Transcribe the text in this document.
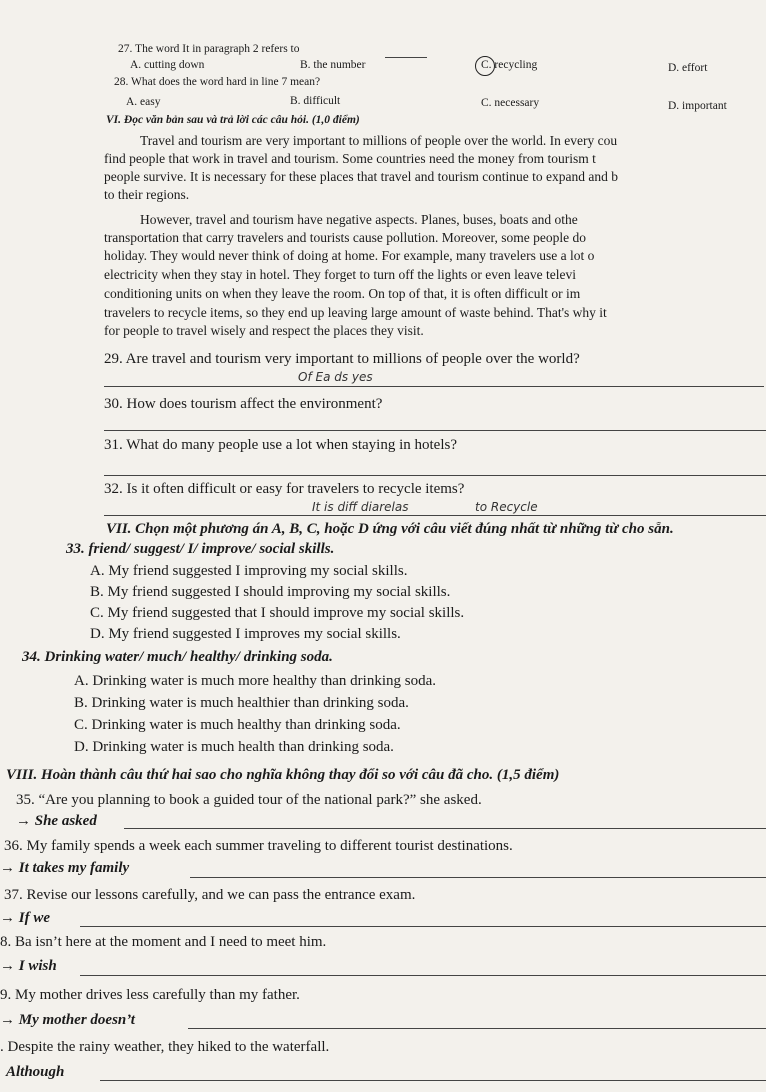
27. The word It in paragraph 2 refers to
A. cutting down	B. the number	C. recycling	D. effort
28. What does the word hard in line 7 mean?
A. easy	B. difficult	C. necessary	D. important
VI. Đọc văn bản sau và trả lời các câu hỏi. (1,0 điểm)
Travel and tourism are very important to millions of people over the world. In every cou
find people that work in travel and tourism. Some countries need the money from tourism t
people survive. It is necessary for these places that travel and tourism continue to expand and b
to their regions.
However, travel and tourism have negative aspects. Planes, buses, boats and othe
transportation that carry travelers and tourists cause pollution. Moreover, some people do
holiday. They would never think of doing at home. For example, many travelers use a lot o
electricity when they stay in hotel. They forget to turn off the lights or even leave televi
conditioning units on when they leave the room. On top of that, it is often difficult or im
travelers to recycle items, so they end up leaving large amount of waste behind. That's why it
for people to travel wisely and respect the places they visit.
29. Are travel and tourism very important to millions of people over the world?
Of Ea ds yes
30. How does tourism affect the environment?
31. What do many people use a lot when staying in hotels?
32. Is it often difficult or easy for travelers to recycle items?
It is diff diarelas	to Recycle
VII. Chọn một phương án A, B, C, hoặc D ứng với câu viết đúng nhất từ những từ cho sẵn.
33. friend/ suggest/ I/ improve/ social skills.
A. My friend suggested I improving my social skills.
B. My friend suggested I should improving my social skills.
C. My friend suggested that I should improve my social skills.
D. My friend suggested I improves my social skills.
34. Drinking water/ much/ healthy/ drinking soda.
A. Drinking water is much more healthy than drinking soda.
B. Drinking water is much healthier than drinking soda.
C. Drinking water is much healthy than drinking soda.
D. Drinking water is much health than drinking soda.
VIII. Hoàn thành câu thứ hai sao cho nghĩa không thay đổi so với câu đã cho. (1,5 điểm)
35. “Are you planning to book a guided tour of the national park?” she asked.
→ She asked
36. My family spends a week each summer traveling to different tourist destinations.
→ It takes my family
37. Revise our lessons carefully, and we can pass the entrance exam.
→ If we
8. Ba isn’t here at the moment and I need to meet him.
→ I wish
9. My mother drives less carefully than my father.
→ My mother doesn’t
. Despite the rainy weather, they hiked to the waterfall.
Although
